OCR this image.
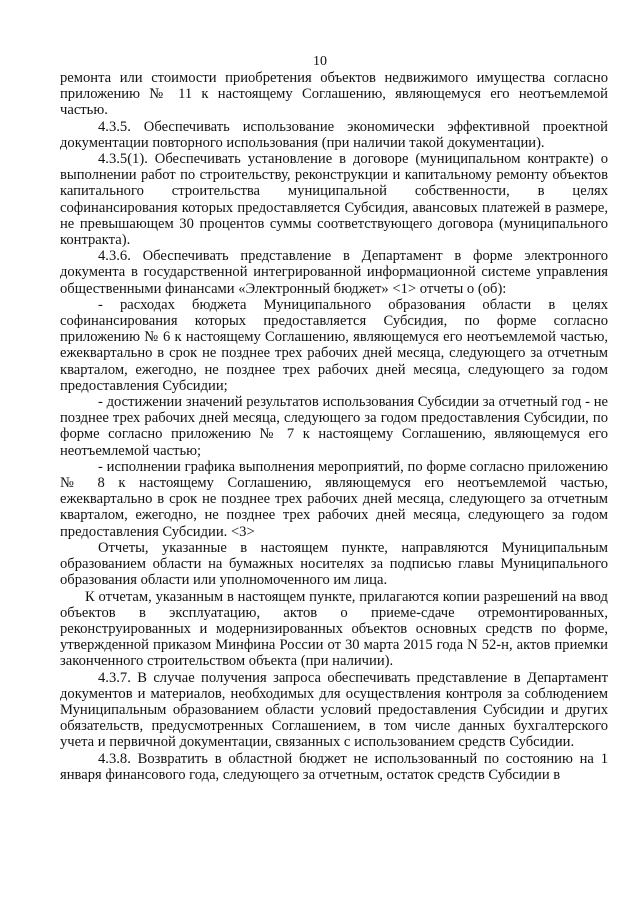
10

ремонта или стоимости приобретения объектов недвижимого имущества согласно приложению № 11 к настоящему Соглашению, являющемуся его неотъемлемой частью.

4.3.5. Обеспечивать использование экономически эффективной проектной документации повторного использования (при наличии такой документации).

4.3.5(1). Обеспечивать установление в договоре (муниципальном контракте) о выполнении работ по строительству, реконструкции и капитальному ремонту объектов капитального строительства муниципальной собственности, в целях софинансирования которых предоставляется Субсидия, авансовых платежей в размере, не превышающем 30 процентов суммы соответствующего договора (муниципального контракта).

4.3.6. Обеспечивать представление в Департамент в форме электронного документа в государственной интегрированной информационной системе управления общественными финансами «Электронный бюджет» <1> отчеты о (об):

- расходах бюджета Муниципального образования области в целях софинансирования которых предоставляется Субсидия, по форме согласно приложению № 6 к настоящему Соглашению, являющемуся его неотъемлемой частью, ежеквартально в срок не позднее трех рабочих дней месяца, следующего за отчетным кварталом, ежегодно, не позднее трех рабочих дней месяца, следующего за годом предоставления Субсидии;

- достижении значений результатов использования Субсидии за отчетный год - не позднее трех рабочих дней месяца, следующего за годом предоставления Субсидии, по форме согласно приложению № 7 к настоящему Соглашению, являющемуся его неотъемлемой частью;

- исполнении графика выполнения мероприятий, по форме согласно приложению № 8 к настоящему Соглашению, являющемуся его неотъемлемой частью, ежеквартально в срок не позднее трех рабочих дней месяца, следующего за отчетным кварталом, ежегодно, не позднее трех рабочих дней месяца, следующего за годом предоставления Субсидии. <3>

Отчеты, указанные в настоящем пункте, направляются Муниципальным образованием области на бумажных носителях за подписью главы Муниципального образования области или уполномоченного им лица.

К отчетам, указанным в настоящем пункте, прилагаются копии разрешений на ввод объектов в эксплуатацию, актов о приеме-сдаче отремонтированных, реконструированных и модернизированных объектов основных средств по форме, утвержденной приказом Минфина России от 30 марта 2015 года N 52-н, актов приемки законченного строительством объекта (при наличии).

4.3.7. В случае получения запроса обеспечивать представление в Департамент документов и материалов, необходимых для осуществления контроля за соблюдением Муниципальным образованием области условий предоставления Субсидии и других обязательств, предусмотренных Соглашением, в том числе данных бухгалтерского учета и первичной документации, связанных с использованием средств Субсидии.

4.3.8. Возвратить в областной бюджет не использованный по состоянию на 1 января финансового года, следующего за отчетным, остаток средств Субсидии в
